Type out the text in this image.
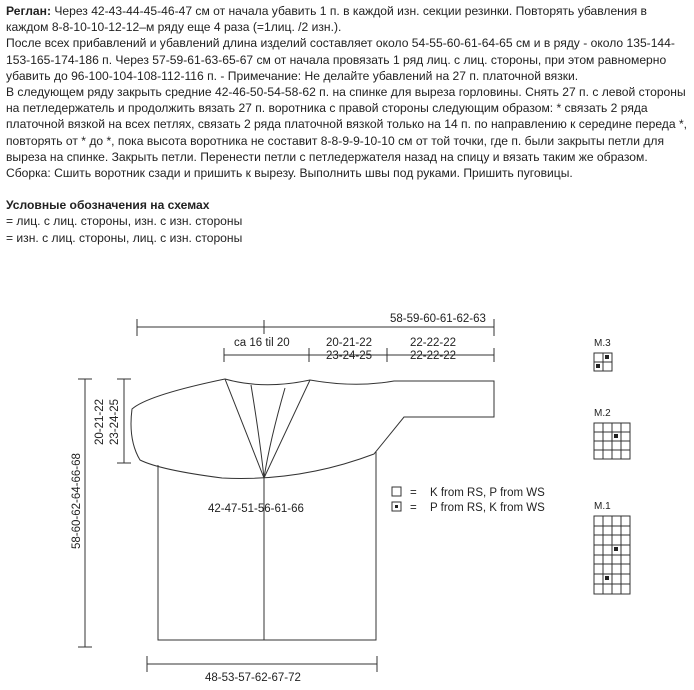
Реглан: Через 42-43-44-45-46-47 см от начала убавить 1 п. в каждой изн. секции резинки. Повторять убавления в каждом 8-8-10-10-12-12–м ряду еще 4 раза (=1лиц. /2 изн.).

После всех прибавлений и убавлений длина изделий составляет около 54-55-60-61-64-65 см и в ряду - около 135-144-153-165-174-186 п. Через 57-59-61-63-65-67 см от начала провязать 1 ряд лиц. с лиц. стороны, при этом равномерно убавить до 96-100-104-108-112-116 п. - Примечание: Не делайте убавлений на 27 п. платочной вязки.

В следующем ряду закрыть средние 42-46-50-54-58-62 п. на спинке для выреза горловины. Снять 27 п. с левой стороны на петледержатель и продолжить вязать 27 п. воротника с правой стороны следующим образом: * связать 2 ряда платочной вязкой на всех петлях, связать 2 ряда платочной вязкой только на 14 п. по направлению к середине переда *, повторять от * до *, пока высота воротника не составит 8-8-9-9-10-10 см от той точки, где п. были закрыты петли для выреза на спинке. Закрыть петли. Перенести петли с петледержателя назад на спицу и вязать таким же образом.

Сборка: Сшить воротник сзади и пришить к вырезу. Выполнить швы под руками. Пришить пуговицы.

Условные обозначения на схемах

= лиц. с лиц. стороны, изн. с изн. стороны

= изн. с лиц. стороны, лиц. с изн. стороны

58-59-60-61-62-63
ca 16 til 20	20-21-22
23-24-25
22-22-22
22-22-22
58-60-62-64-66-68
20-21-22 23-24-25
42-47-51-56-61-66
48-53-57-62-67-72
=
=
K from RS, P from WS
P from RS, K from WS
M.3
M.2
M.1
